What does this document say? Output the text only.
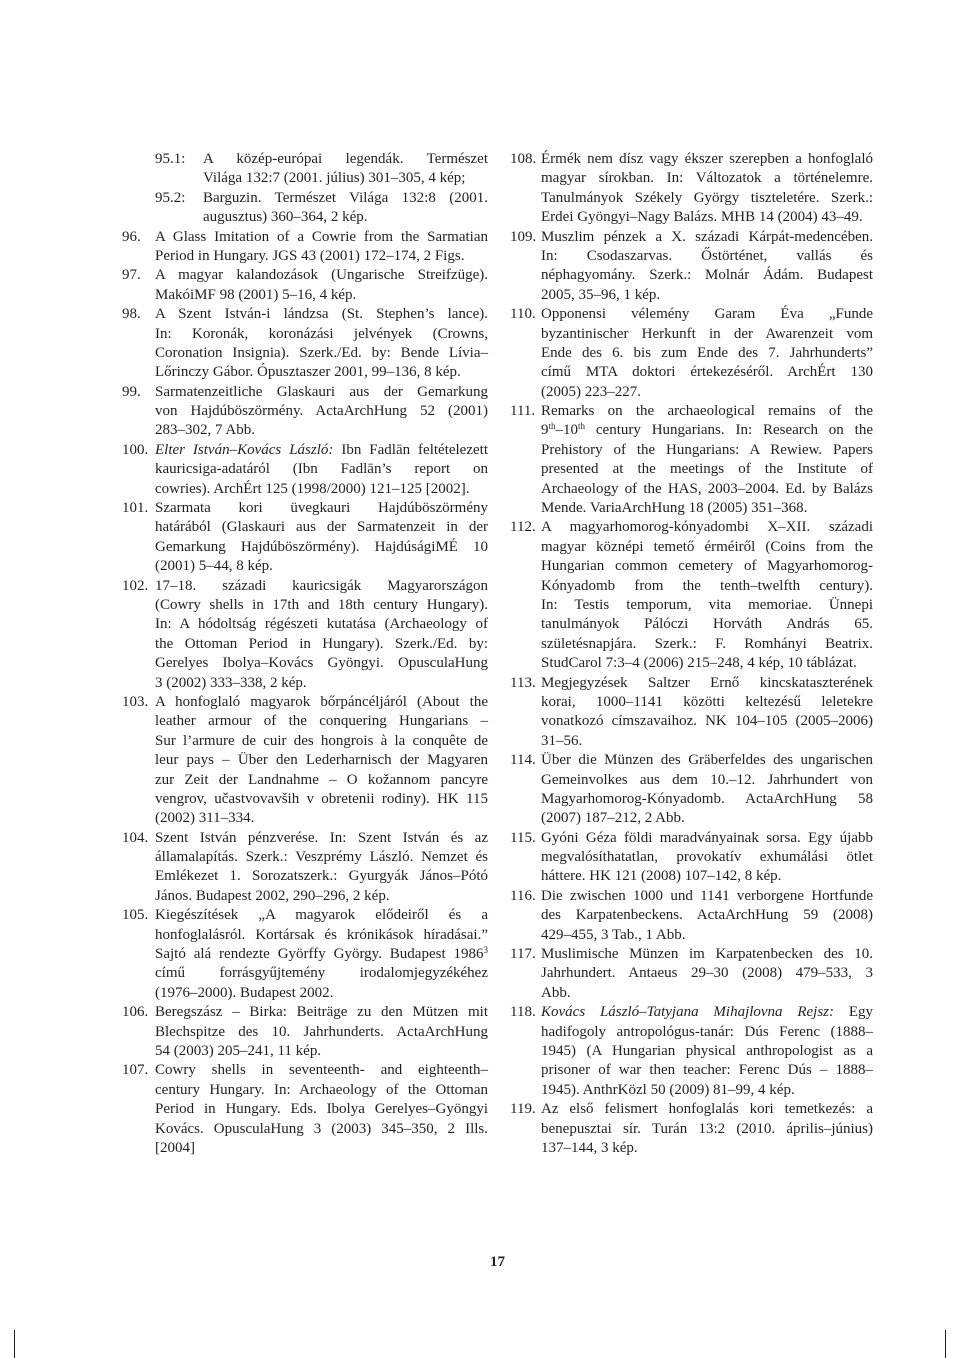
95.1:	A közép-európai legendák. Természet
Világa 132:7 (2001. július) 301–305, 4 kép;
95.2:	Barguzin. Természet Világa 132:8 (2001.
augusztus) 360–364, 2 kép.
96. A Glass Imitation of a Cowrie from the Sarmatian
Period in Hungary. JGS 43 (2001) 172–174, 2 Figs.
97. A magyar kalandozások (Ungarische Streifzüge).
MakóiMF 98 (2001) 5–16, 4 kép.
98. A Szent István-i lándzsa (St. Stephen’s lance).
In: Koronák, koronázási jelvények (Crowns,
Coronation Insignia). Szerk./Ed. by: Bende Lívia–
Lőrinczy Gábor. Ópusztaszer 2001, 99–136, 8 kép.
99. Sarmatenzeitliche Glaskauri aus der Gemarkung
von Hajdúböszörmény. ActaArchHung 52 (2001)
283–302, 7 Abb.
100. Elter István–Kovács László: Ibn Fadlān feltételezett
kauricsiga-adatáról (Ibn Fadlān’s report on
cowries). ArchÉrt 125 (1998/2000) 121–125 [2002].
101. Szarmata kori üvegkauri Hajdúböszörmény
határából (Glaskauri aus der Sarmatenzeit in der
Gemarkung Hajdúböszörmény). HajdúságiMÉ 10
(2001) 5–44, 8 kép.
102. 17–18. századi kauricsigák Magyarországon
(Cowry shells in 17th and 18th century Hungary).
In: A hódoltság régészeti kutatása (Archaeology of
the Ottoman Period in Hungary). Szerk./Ed. by:
Gerelyes Ibolya–Kovács Gyöngyi. OpusculaHung
3 (2002) 333–338, 2 kép.
103. A honfoglaló magyarok bőrpáncéljáról (About the
leather armour of the conquering Hungarians –
Sur l’armure de cuir des hongrois à la conquête de
leur pays – Über den Lederharnisch der Magyaren
zur Zeit der Landnahme – O kožannom pancyre
vengrov, učastvovavših v obretenii rodiny). HK 115
(2002) 311–334.
104. Szent István pénzverése. In: Szent István és az
államalapítás. Szerk.: Veszprémy László. Nemzet és
Emlékezet 1. Sorozatszerk.: Gyurgyák János–Pótó
János. Budapest 2002, 290–296, 2 kép.
105. Kiegészítések „A magyarok elődeiről és a
honfoglalásról. Kortársak és krónikások híradásai.”
Sajtó alá rendezte Györffy György. Budapest 1986$^3$
című forrásgyűjtemény irodalomjegyzékéhez
(1976–2000). Budapest 2002.
106. Beregszász – Birka: Beiträge zu den Mützen mit
Blechspitze des 10. Jahrhunderts. ActaArchHung
54 (2003) 205–241, 11 kép.
107. Cowry shells in seventeenth- and eighteenth–
century Hungary. In: Archaeology of the Ottoman
Period in Hungary. Eds. Ibolya Gerelyes–Gyöngyi
Kovács. OpusculaHung 3 (2003) 345–350, 2 Ills.
[2004]
108. Érmék nem dísz vagy ékszer szerepben a honfoglaló
magyar sírokban. In: Változatok a történelemre.
Tanulmányok Székely György tiszteletére. Szerk.:
Erdei Gyöngyi–Nagy Balázs. MHB 14 (2004) 43–49.
109. Muszlim pénzek a X. századi Kárpát-medencében.
In: Csodaszarvas. Őstörténet, vallás és
néphagyomány. Szerk.: Molnár Ádám. Budapest
2005, 35–96, 1 kép.
110. Opponensi vélemény Garam Éva „Funde
byzantinischer Herkunft in der Awarenzeit vom
Ende des 6. bis zum Ende des 7. Jahrhunderts”
című MTA doktori értekezéséről. ArchÉrt 130
(2005) 223–227.
111. Remarks on the archaeological remains of the
9th–10th century Hungarians. In: Research on the
Prehistory of the Hungarians: A Rewiew. Papers
presented at the meetings of the Institute of
Archaeology of the HAS, 2003–2004. Ed. by Balázs
Mende. VariaArchHung 18 (2005) 351–368.
112. A magyarhomorog-kónyadombi X–XII. századi
magyar köznépi temető érméiről (Coins from the
Hungarian common cemetery of Magyarhomorog-
Kónyadomb from the tenth–twelfth century).
In: Testis temporum, vita memoriae. Ünnepi
tanulmányok Pálóczi Horváth András 65.
születésnapjára. Szerk.: F. Romhányi Beatrix.
StudCarol 7:3–4 (2006) 215–248, 4 kép, 10 táblázat.
113. Megjegyzések Saltzer Ernő kincskataszterének
korai, 1000–1141 közötti keltezésű leletekre
vonatkozó címszavaihoz. NK 104–105 (2005–2006)
31–56.
114. Über die Münzen des Gräberfeldes des ungarischen
Gemeinvolkes aus dem 10.–12. Jahrhundert von
Magyarhomorog-Kónyadomb. ActaArchHung 58
(2007) 187–212, 2 Abb.
115. Gyóni Géza földi maradványainak sorsa. Egy újabb
megvalósíthatatlan, provokatív exhumálási ötlet
háttere. HK 121 (2008) 107–142, 8 kép.
116. Die zwischen 1000 und 1141 verborgene Hortfunde
des Karpatenbeckens. ActaArchHung 59 (2008)
429–455, 3 Tab., 1 Abb.
117. Muslimische Münzen im Karpatenbecken des 10.
Jahrhundert. Antaeus 29–30 (2008) 479–533, 3
Abb.
118. Kovács László–Tatyjana Mihajlovna Rejsz: Egy
hadifogoly antropológus-tanár: Dús Ferenc (1888–
1945) (A Hungarian physical anthropologist as a
prisoner of war then teacher: Ferenc Dús – 1888–
1945). AnthrKözl 50 (2009) 81–99, 4 kép.
119. Az első felismert honfoglalás kori temetkezés: a
benepusztai sír. Turán 13:2 (2010. április–június)
137–144, 3 kép.
17
